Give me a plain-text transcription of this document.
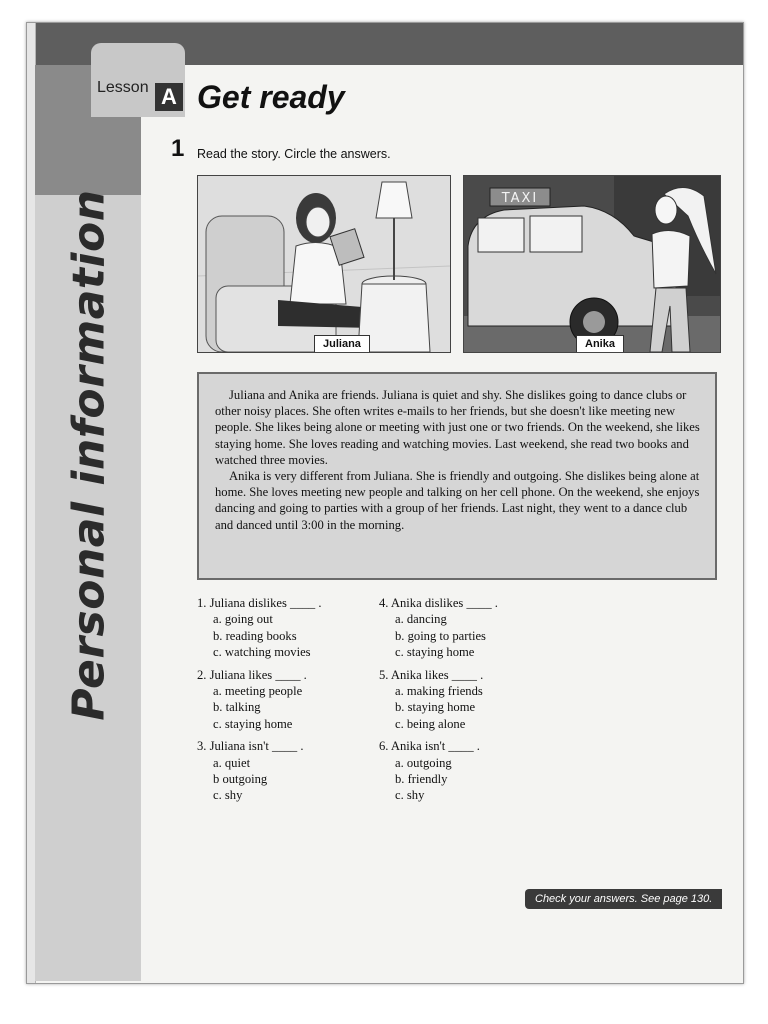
Personal information
Lesson A Get ready
1 Read the story. Circle the answers.
Juliana
TAXI
Anika

Juliana and Anika are friends. Juliana is quiet and shy. She dislikes going to dance clubs or other noisy places. She often writes e-mails to her friends, but she doesn't like meeting new people. She likes being alone or meeting with just one or two friends. On the weekend, she likes staying home. She loves reading and watching movies. Last weekend, she read two books and watched three movies.

Anika is very different from Juliana. She is friendly and outgoing. She dislikes being alone at home. She loves meeting new people and talking on her cell phone. On the weekend, she enjoys dancing and going to parties with a group of her friends. Last night, they went to a dance club and danced until 3:00 in the morning.

1. Juliana dislikes ____ .
a. going out
b. reading books
c. watching movies
2. Juliana likes ____ .
a. meeting people
b. talking
c. staying home
3. Juliana isn't ____ .
a. quiet
b outgoing
c. shy
4. Anika dislikes ____ .
a. dancing
b. going to parties
c. staying home
5. Anika likes ____ .
a. making friends
b. staying home
c. being alone
6. Anika isn't ____ .
a. outgoing
b. friendly
c. shy
Check your answers. See page 130.
